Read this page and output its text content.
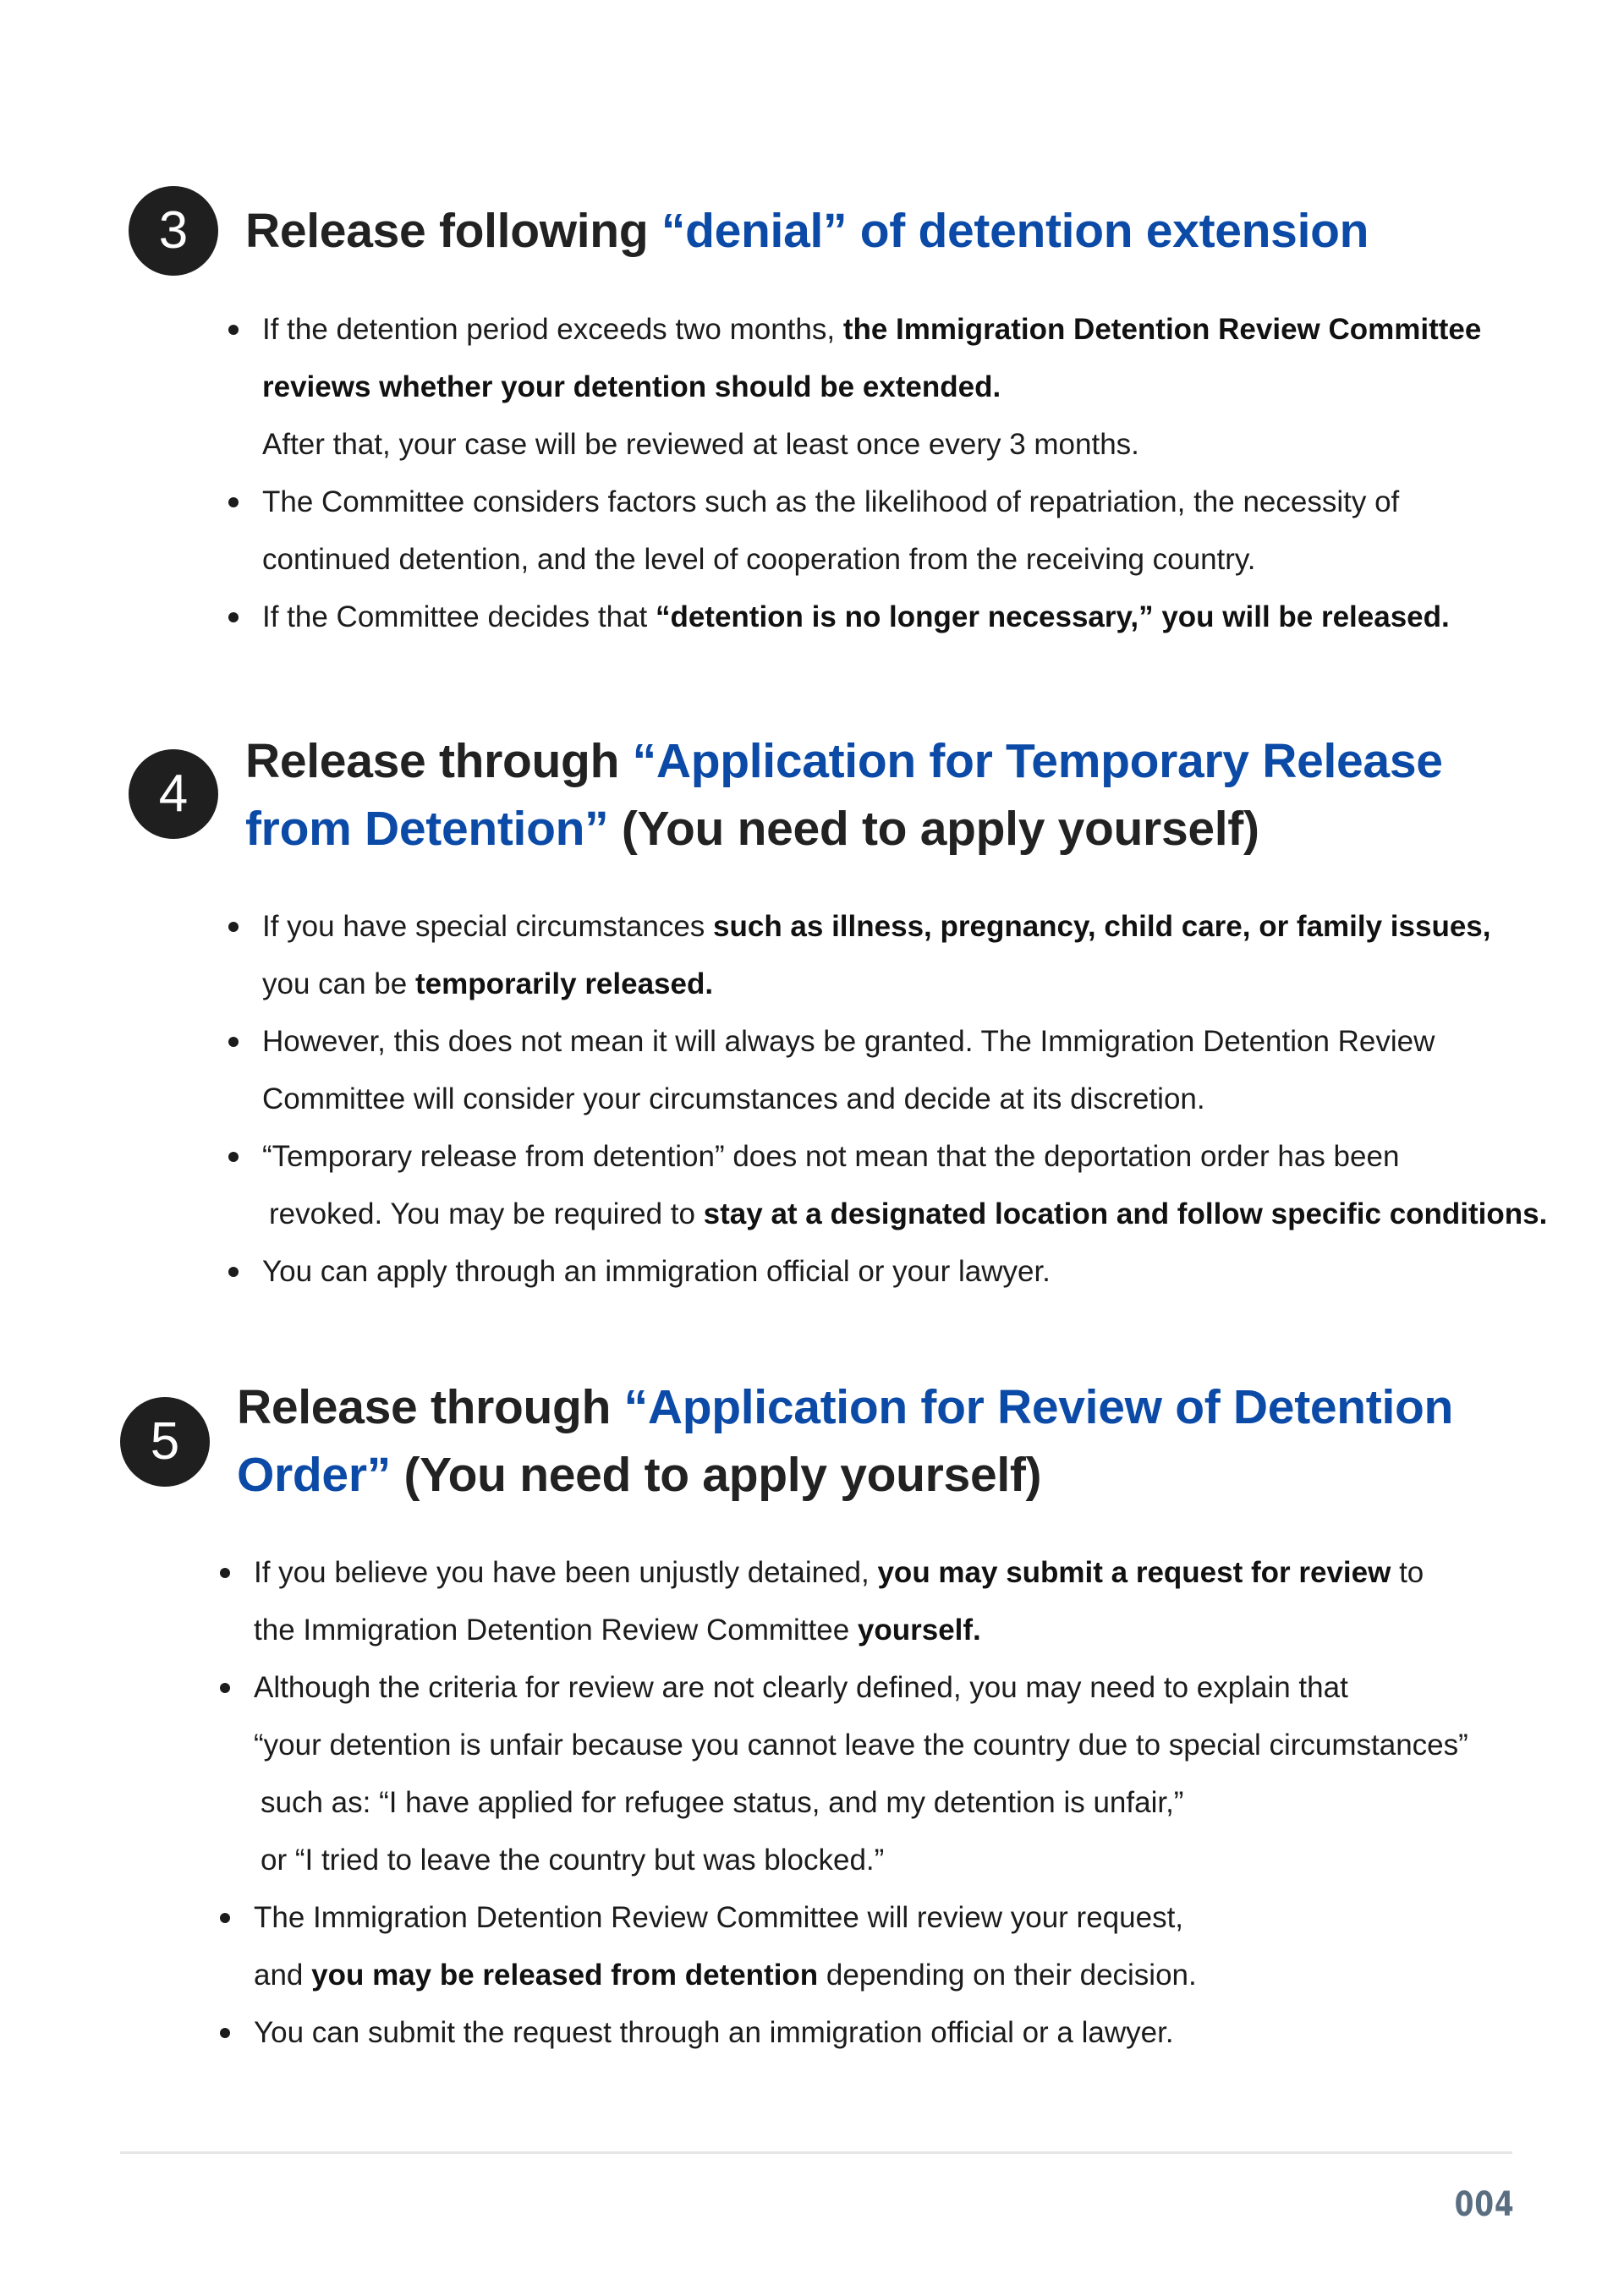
3	Release following “denial” of detention extension
If the detention period exceeds two months, the Immigration Detention Review Committee
reviews whether your detention should be extended.
After that, your case will be reviewed at least once every 3 months.
The Committee considers factors such as the likelihood of repatriation, the necessity of
continued detention, and the level of cooperation from the receiving country.
If the Committee decides that “detention is no longer necessary,” you will be released.
4
Release through “Application for Temporary Release
from Detention” (You need to apply yourself)
If you have special circumstances such as illness, pregnancy, child care, or family issues,
you can be temporarily released.
However, this does not mean it will always be granted. The Immigration Detention Review
Committee will consider your circumstances and decide at its discretion.
“Temporary release from detention” does not mean that the deportation order has been
revoked. You may be required to stay at a designated location and follow specific conditions.
You can apply through an immigration official or your lawyer.
5
Release through “Application for Review of Detention
Order” (You need to apply yourself)
If you believe you have been unjustly detained, you may submit a request for review to
the Immigration Detention Review Committee yourself.
Although the criteria for review are not clearly defined, you may need to explain that
“your detention is unfair because you cannot leave the country due to special circumstances”
such as: “I have applied for refugee status, and my detention is unfair,”
or “I tried to leave the country but was blocked.”
The Immigration Detention Review Committee will review your request,
and you may be released from detention depending on their decision.
You can submit the request through an immigration official or a lawyer.
004
